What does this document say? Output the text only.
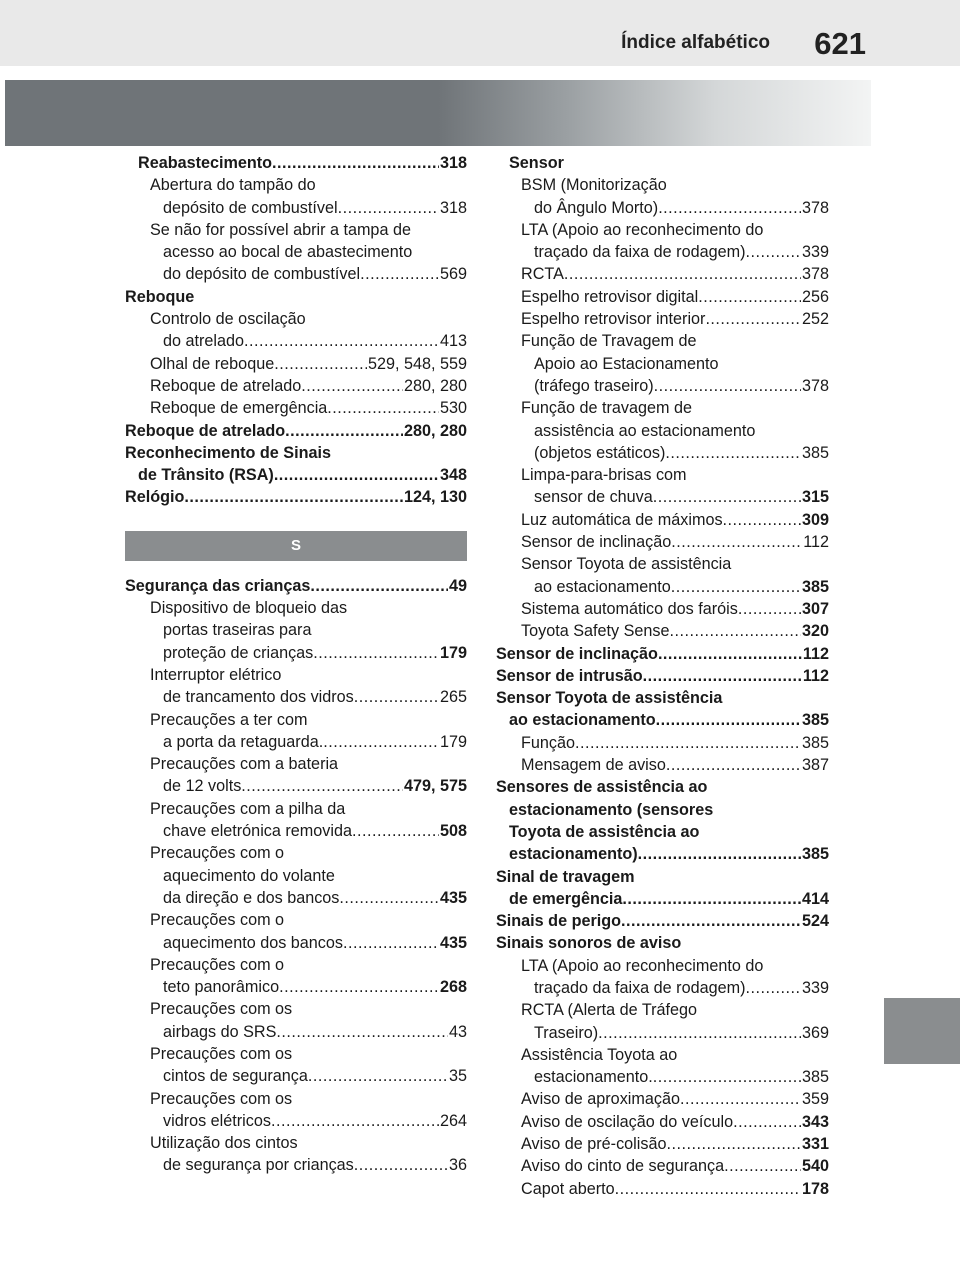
Índice alfabético 621
Reabastecimento .....	318
Abertura do tampão do
depósito de combustível .....	318
Se não for possível abrir a tampa de
acesso ao bocal de abastecimento
do depósito de combustível .....	569
Reboque
Controlo de oscilação
do atrelado .....	413
Olhal de reboque .....	529, 548, 559
Reboque de atrelado .....	280, 280
Reboque de emergência .....	530
Reboque de atrelado .....	280, 280
Reconhecimento de Sinais
de Trânsito (RSA) .....	348
Relógio .....	124, 130
S
Segurança das crianças .....	49
Dispositivo de bloqueio das
portas traseiras para
proteção de crianças .....	179
Interruptor elétrico
de trancamento dos vidros .....	265
Precauções a ter com
a porta da retaguarda. .....	179
Precauções com a bateria
de 12 volts .....	479, 575
Precauções com a pilha da
chave eletrónica removida .....	508
Precauções com o
aquecimento do volante
da direção e dos bancos .....	435
Precauções com o
aquecimento dos bancos .....	435
Precauções com o
teto panorâmico .....	268
Precauções com os
airbags do SRS .....	43
Precauções com os
cintos de segurança .....	35
Precauções com os
vidros elétricos .....	264
Utilização dos cintos
de segurança por crianças .....	36
Sensor
BSM (Monitorização
do Ângulo Morto) .....	378
LTA (Apoio ao reconhecimento do
traçado da faixa de rodagem) .....	339
RCTA .....	378
Espelho retrovisor digital .....	256
Espelho retrovisor interior .....	252
Função de Travagem de
Apoio ao Estacionamento
(tráfego traseiro) .....	378
Função de travagem de
assistência ao estacionamento
(objetos estáticos) .....	385
Limpa-para-brisas com
sensor de chuva .....	315
Luz automática de máximos .....	309
Sensor de inclinação .....	112
Sensor Toyota de assistência
ao estacionamento .....	385
Sistema automático dos faróis .....	307
Toyota Safety Sense .....	320
Sensor de inclinação .....	112
Sensor de intrusão .....	112
Sensor Toyota de assistência
ao estacionamento .....	385
Função .....	385
Mensagem de aviso .....	387
Sensores de assistência ao
estacionamento (sensores
Toyota de assistência ao
estacionamento) .....	385
Sinal de travagem
de emergência .....	414
Sinais de perigo .....	524
Sinais sonoros de aviso
LTA (Apoio ao reconhecimento do
traçado da faixa de rodagem) .....	339
RCTA (Alerta de Tráfego
Traseiro) .....	369
Assistência Toyota ao
estacionamento. .....	385
Aviso de aproximação .....	359
Aviso de oscilação do veículo .....	343
Aviso de pré-colisão .....	331
Aviso do cinto de segurança .....	540
Capot aberto .....	178
